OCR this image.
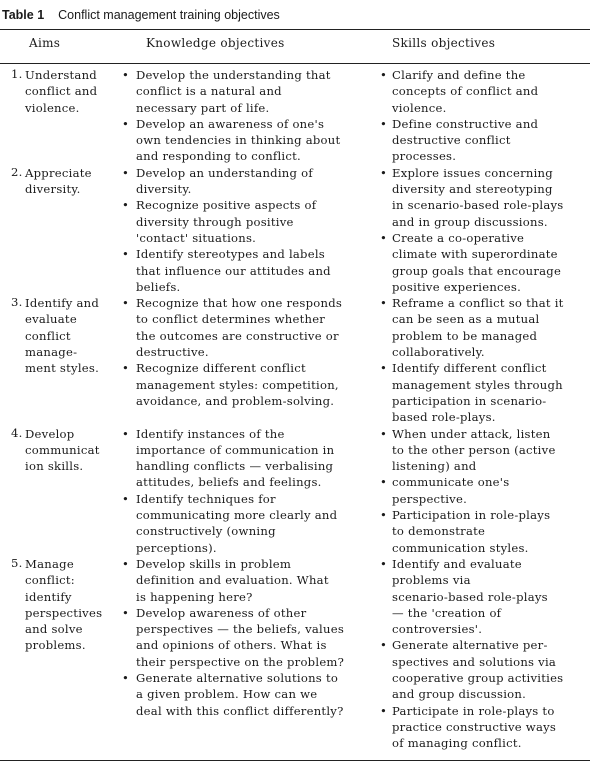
Table 1 Conflict management training objectives
Aims	Knowledge objectives	Skills objectives
1. Understand
conflict and
violence.
• Develop the understanding that
conflict is a natural and
necessary part of life.
• Develop an awareness of one's
own tendencies in thinking about
and responding to conflict.
• Clarify and define the
concepts of conflict and
violence.
• Define constructive and
destructive conflict
processes.
2. Appreciate
diversity.
• Develop an understanding of
diversity.
• Recognize positive aspects of
diversity through positive
'contact' situations.
• Identify stereotypes and labels
that influence our attitudes and
beliefs.
• Explore issues concerning
diversity and stereotyping
in scenario-based role-plays
and in group discussions.
• Create a co-operative
climate with superordinate
group goals that encourage
positive experiences.
3. Identify and
evaluate
conflict
manage-
ment styles.
• Recognize that how one responds
to conflict determines whether
the outcomes are constructive or
destructive.
• Recognize different conflict
management styles: competition,
avoidance, and problem-solving.
• Reframe a conflict so that it
can be seen as a mutual
problem to be managed
collaboratively.
• Identify different conflict
management styles through
participation in scenario-
based role-plays.
4. Develop
communicat
ion skills.
• Identify instances of the
importance of communication in
handling conflicts — verbalising
attitudes, beliefs and feelings.
• Identify techniques for
communicating more clearly and
constructively (owning
perceptions).
• When under attack, listen
to the other person (active
listening) and
• communicate one's
perspective.
• Participation in role-plays
to demonstrate
communication styles.
5. Manage
conflict:
identify
perspectives
and solve
problems.
• Develop skills in problem
definition and evaluation. What
is happening here?
• Develop awareness of other
perspectives — the beliefs, values
and opinions of others. What is
their perspective on the problem?
• Generate alternative solutions to
a given problem. How can we
deal with this conflict differently?
• Identify and evaluate
problems via
scenario-based role-plays
— the 'creation of
controversies'.
• Generate alternative per-
spectives and solutions via
cooperative group activities
and group discussion.
• Participate in role-plays to
practice constructive ways
of managing conflict.
